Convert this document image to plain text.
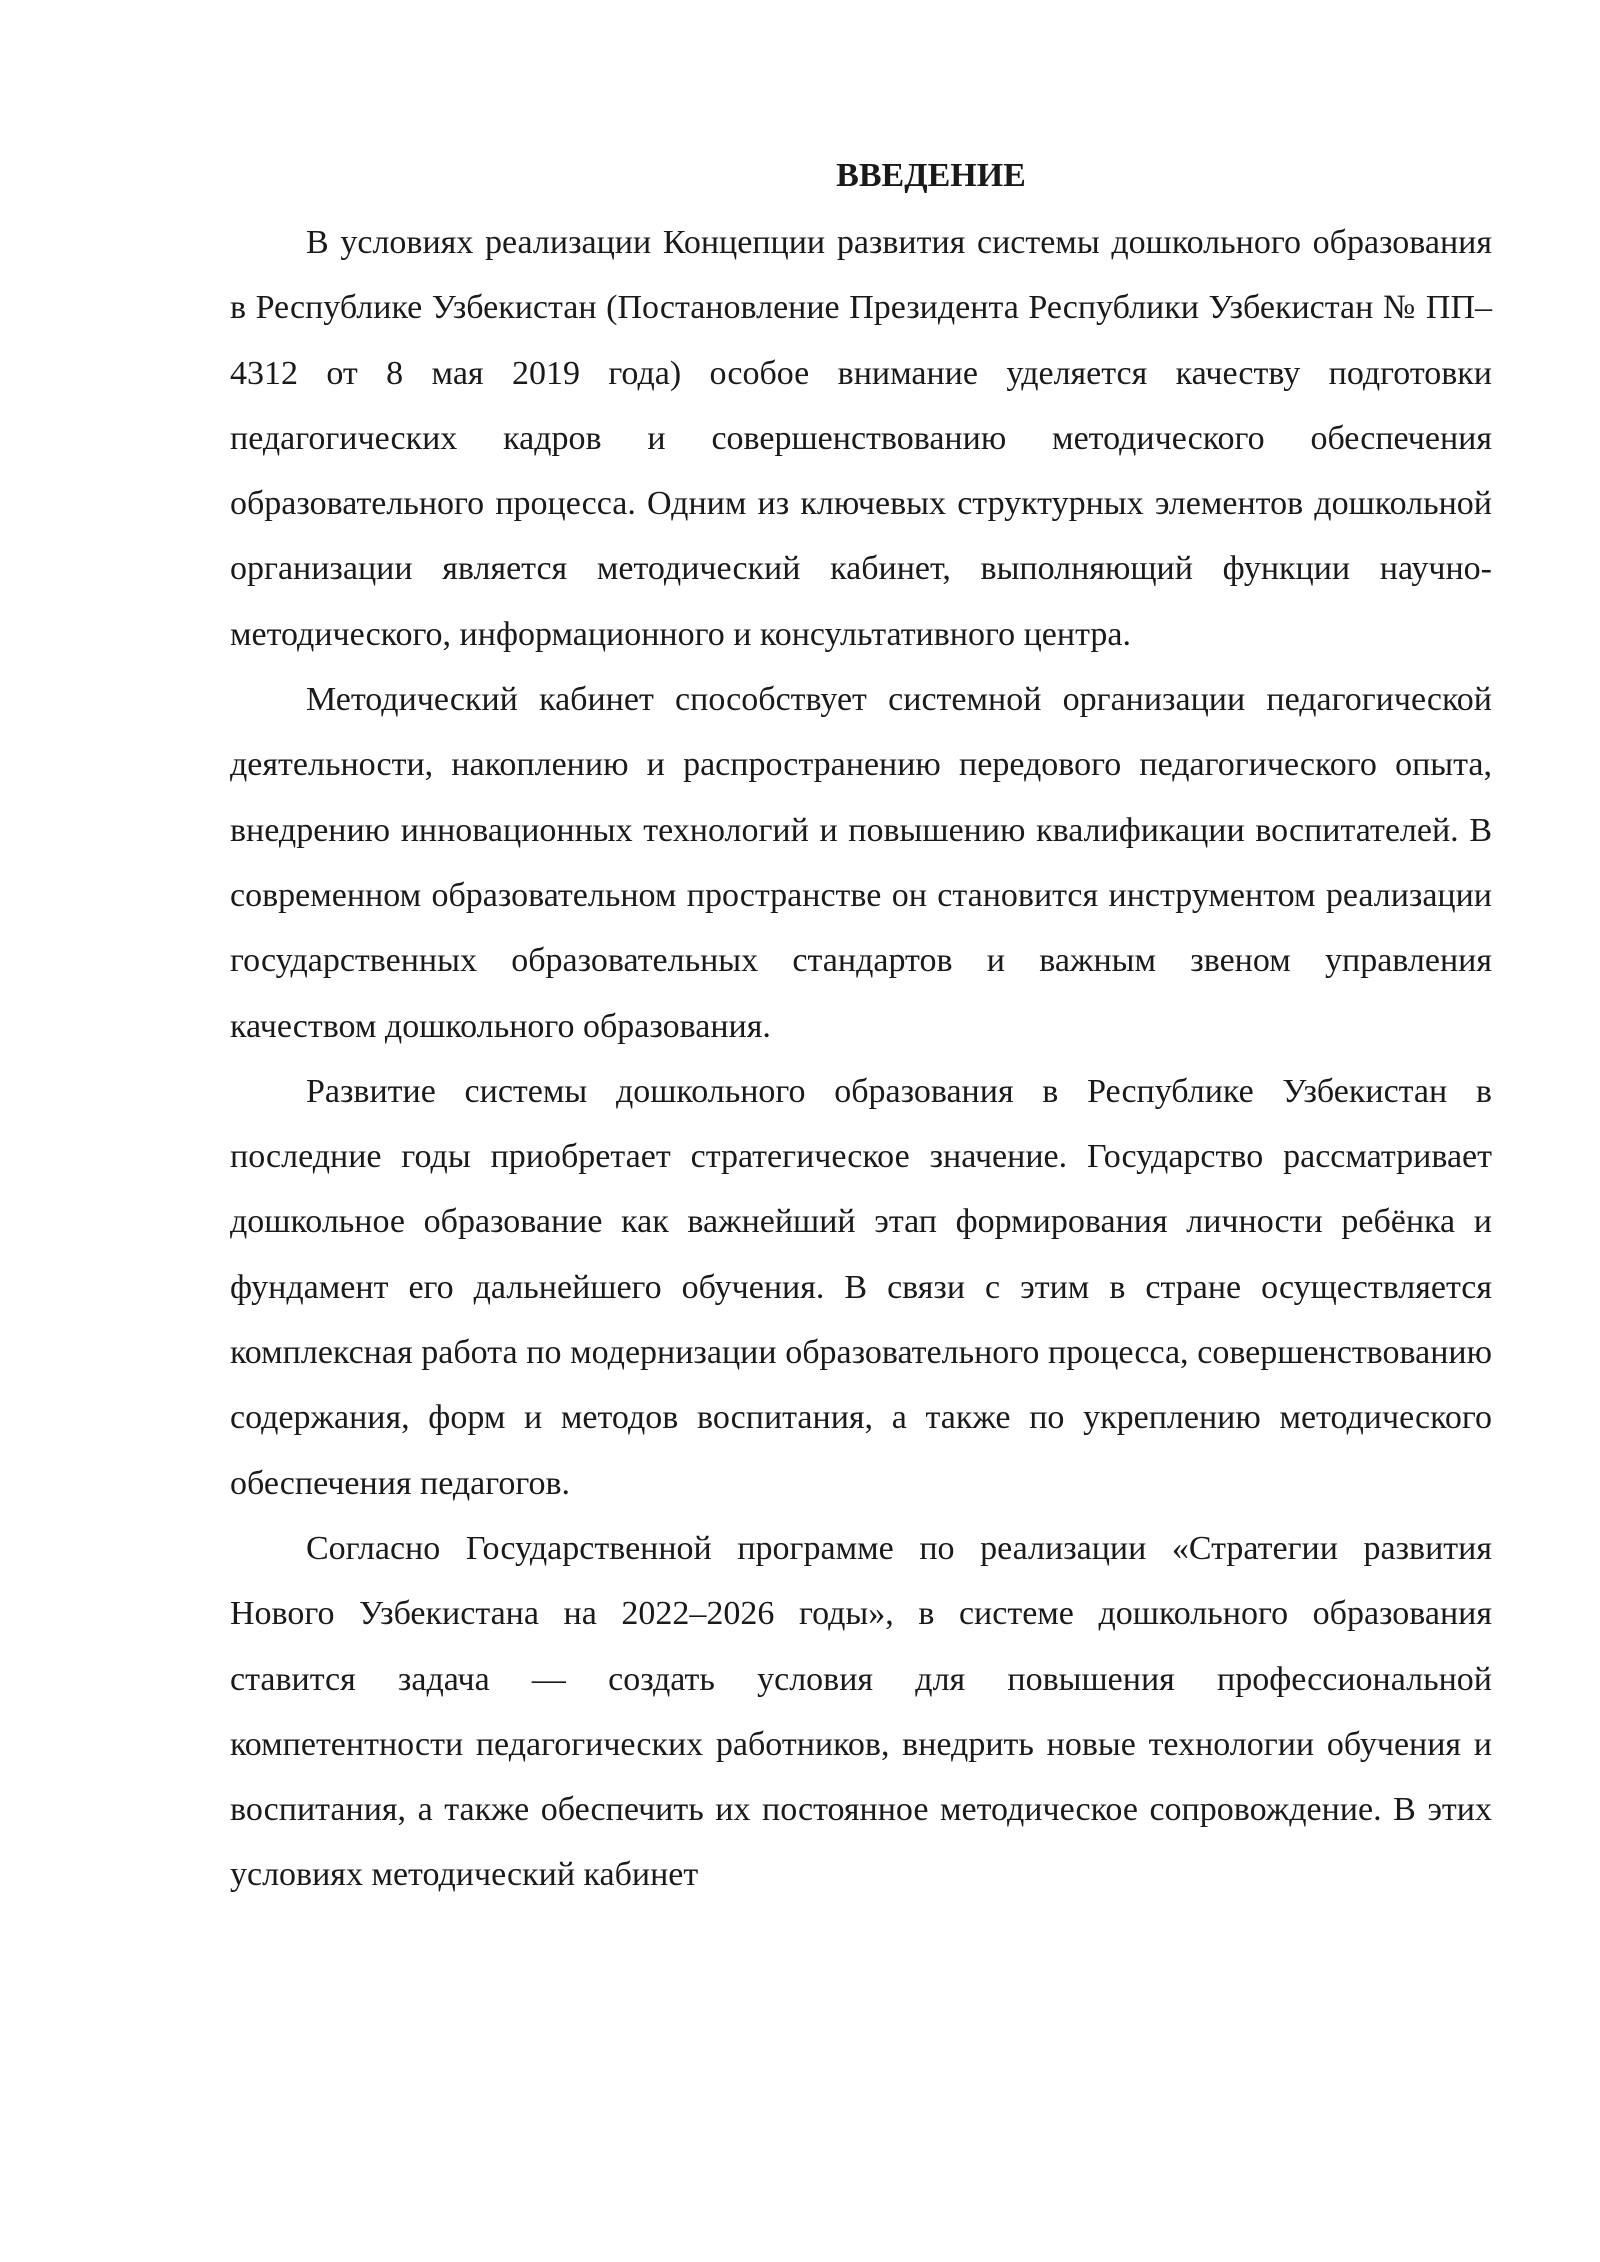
ВВЕДЕНИЕ

В условиях реализации Концепции развития системы дошкольного образования в Республике Узбекистан (Постановление Президента Республики Узбекистан № ПП–4312 от 8 мая 2019 года) особое внимание уделяется качеству подготовки педагогических кадров и совершенствованию методического обеспечения образовательного процесса. Одним из ключевых структурных элементов дошкольной организации является методический кабинет, выполняющий функции научно-методического, информационного и консультативного центра.

Методический кабинет способствует системной организации педагогической деятельности, накоплению и распространению передового педагогического опыта, внедрению инновационных технологий и повышению квалификации воспитателей. В современном образовательном пространстве он становится инструментом реализации государственных образовательных стандартов и важным звеном управления качеством дошкольного образования.

Развитие системы дошкольного образования в Республике Узбекистан в последние годы приобретает стратегическое значение. Государство рассматривает дошкольное образование как важнейший этап формирования личности ребёнка и фундамент его дальнейшего обучения. В связи с этим в стране осуществляется комплексная работа по модернизации образовательного процесса, совершенствованию содержания, форм и методов воспитания, а также по укреплению методического обеспечения педагогов.

Согласно Государственной программе по реализации «Стратегии развития Нового Узбекистана на 2022–2026 годы», в системе дошкольного образования ставится задача — создать условия для повышения профессиональной компетентности педагогических работников, внедрить новые технологии обучения и воспитания, а также обеспечить их постоянное методическое сопровождение. В этих условиях методический кабинет
